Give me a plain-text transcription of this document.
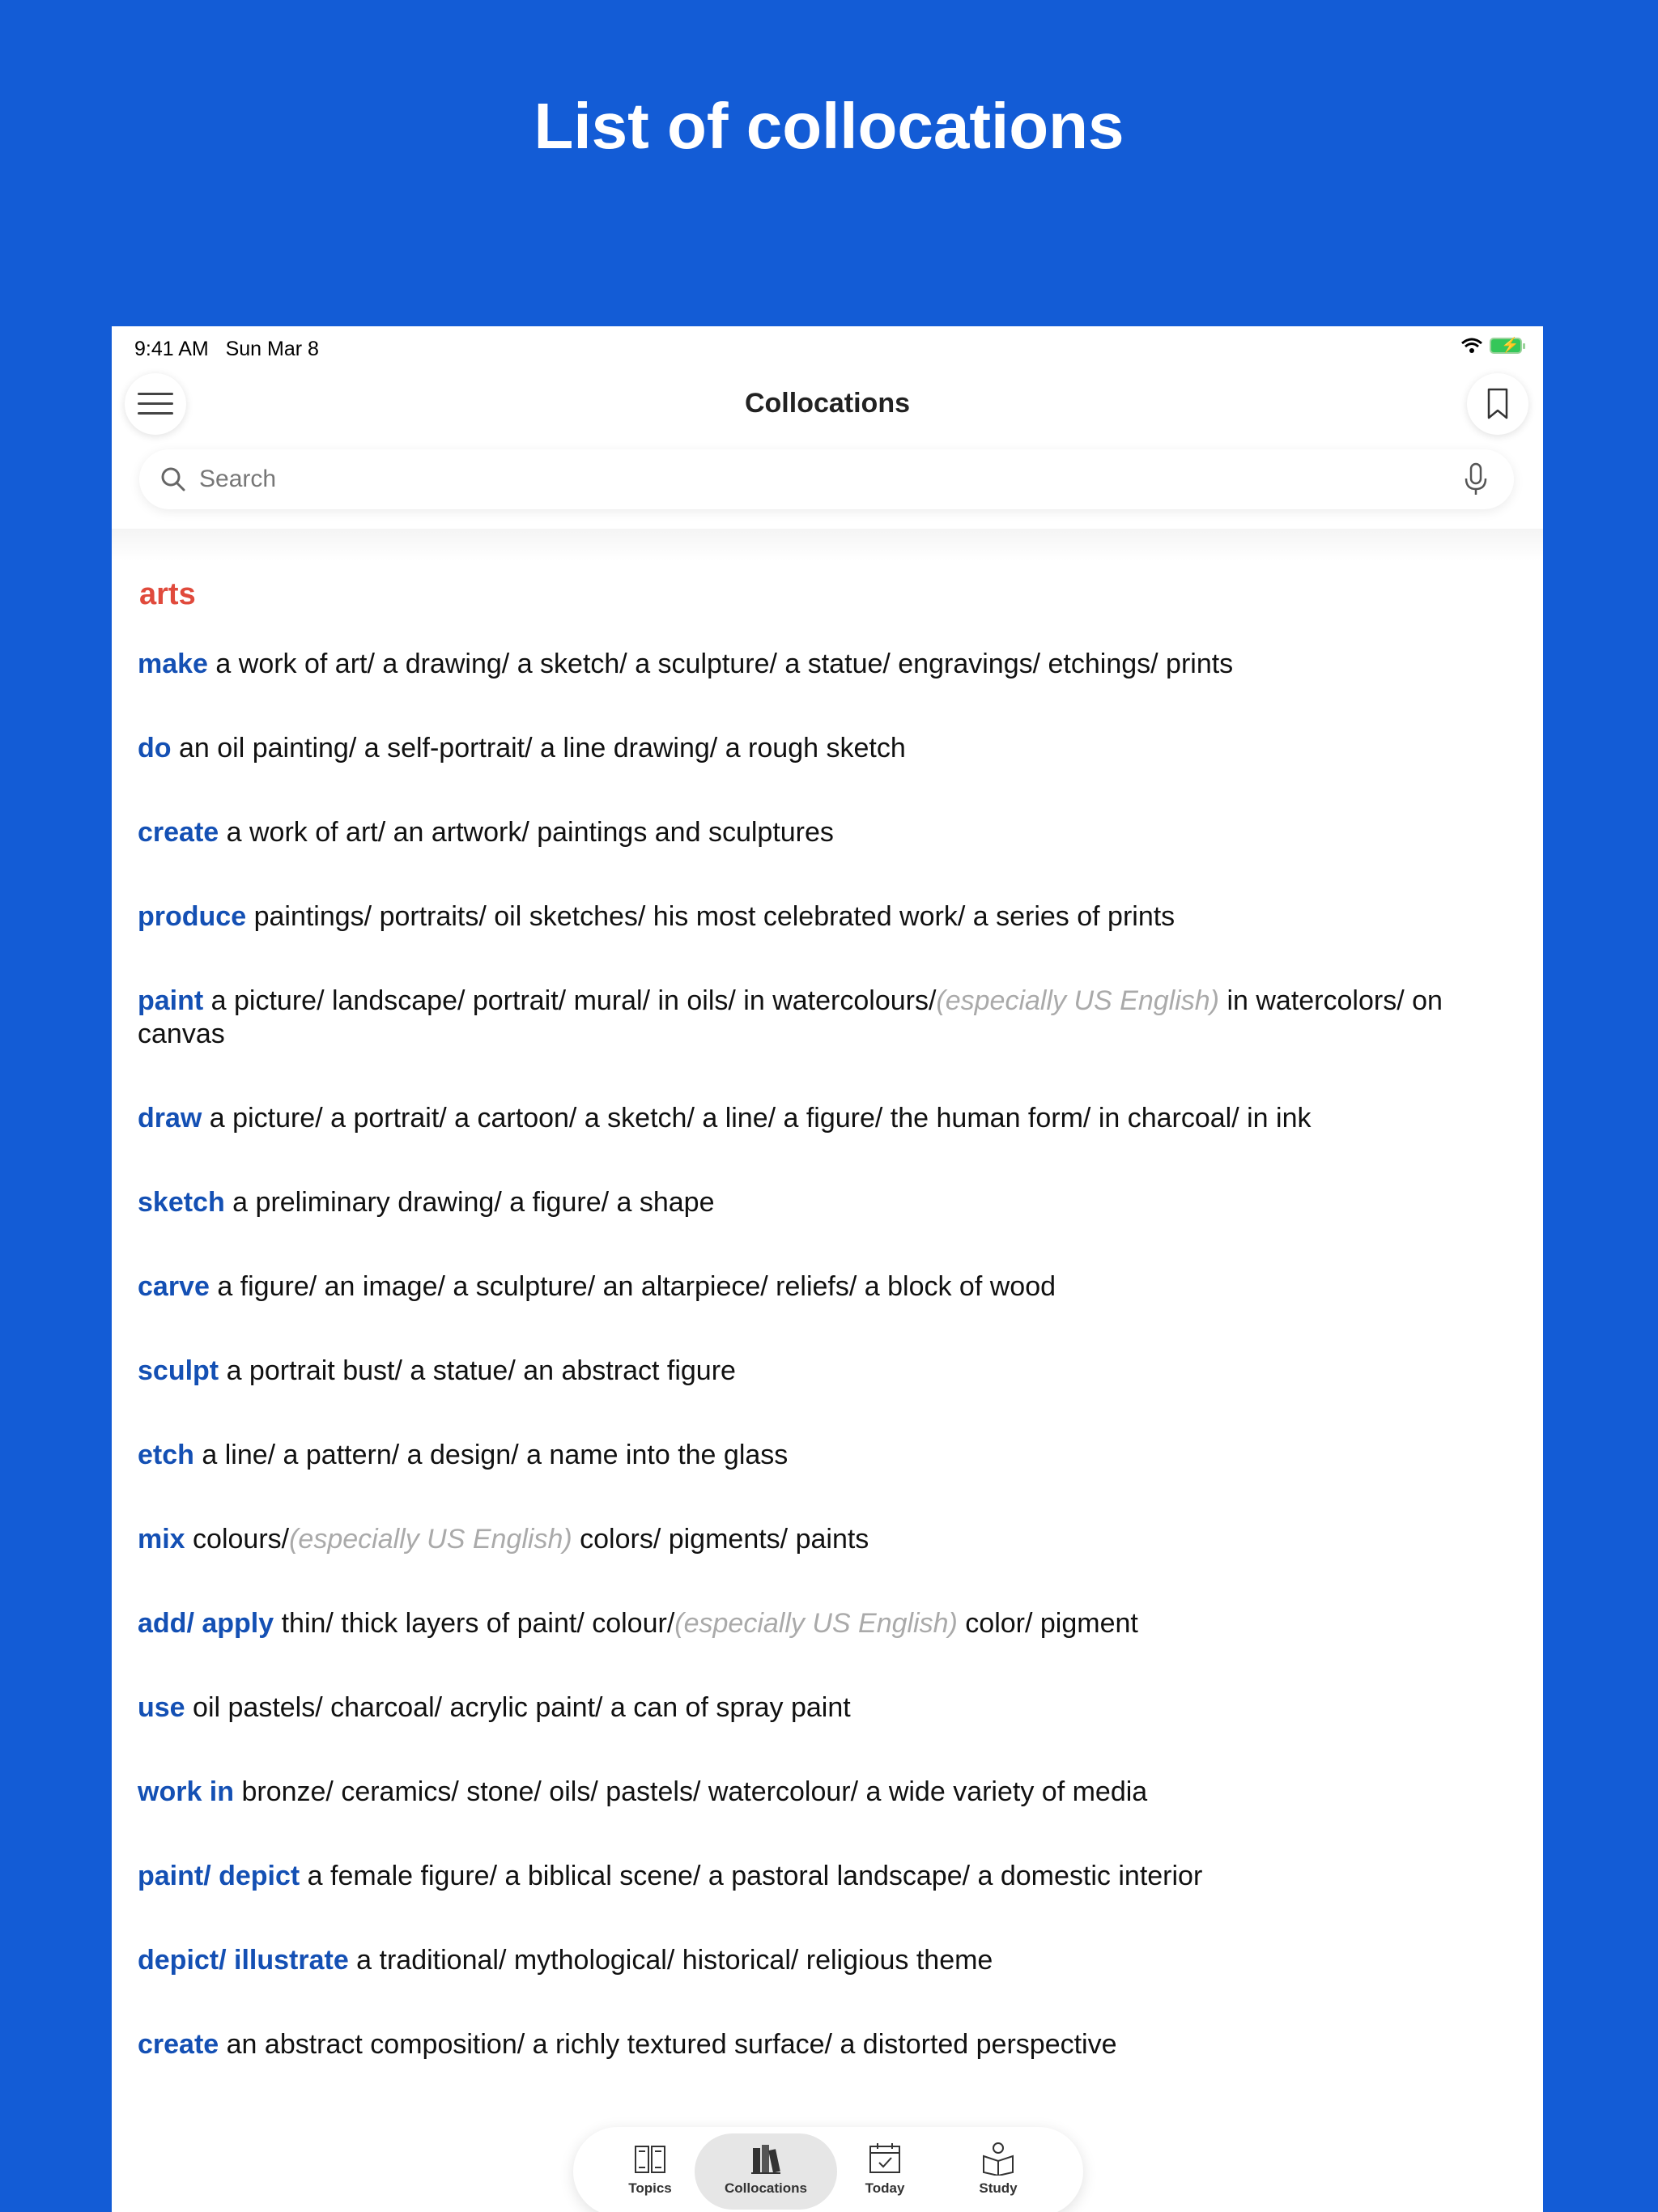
List of collocations
9:41 AM Sun Mar 8	⚡
Collocations
Search
arts
make a work of art/ a drawing/ a sketch/ a sculpture/ a statue/ engravings/ etchings/ prints
do an oil painting/ a self-portrait/ a line drawing/ a rough sketch
create a work of art/ an artwork/ paintings and sculptures
produce paintings/ portraits/ oil sketches/ his most celebrated work/ a series of prints
paint a picture/ landscape/ portrait/ mural/ in oils/ in watercolours/(especially US English) in watercolors/ on canvas
draw a picture/ a portrait/ a cartoon/ a sketch/ a line/ a figure/ the human form/ in charcoal/ in ink
sketch a preliminary drawing/ a figure/ a shape
carve a figure/ an image/ a sculpture/ an altarpiece/ reliefs/ a block of wood
sculpt a portrait bust/ a statue/ an abstract figure
etch a line/ a pattern/ a design/ a name into the glass
mix colours/(especially US English) colors/ pigments/ paints
add/ apply thin/ thick layers of paint/ colour/(especially US English) color/ pigment
use oil pastels/ charcoal/ acrylic paint/ a can of spray paint
work in bronze/ ceramics/ stone/ oils/ pastels/ watercolour/ a wide variety of media
paint/ depict a female figure/ a biblical scene/ a pastoral landscape/ a domestic interior
depict/ illustrate a traditional/ mythological/ historical/ religious theme
create an abstract composition/ a richly textured surface/ a distorted perspective
Topics	Collocations	Today	Study
